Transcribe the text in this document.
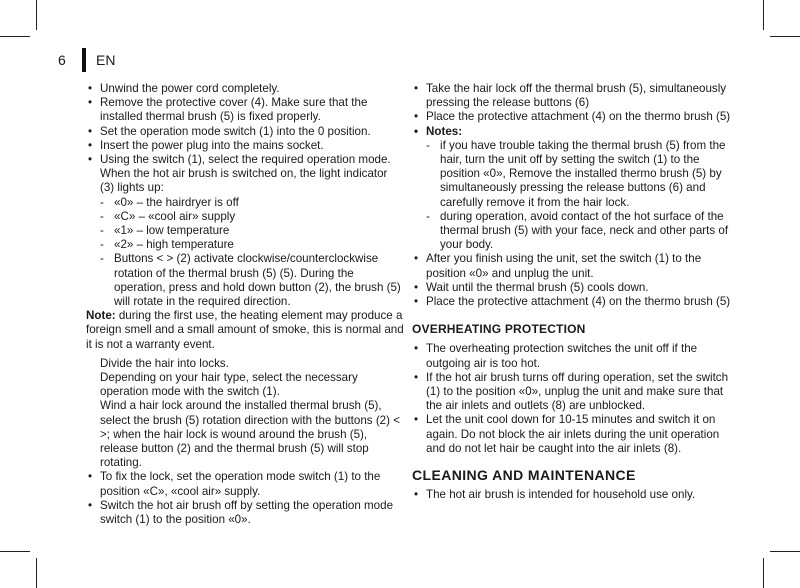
6	EN
• Unwind the power cord completely.
• Remove the protective cover (4). Make sure that the installed thermal brush (5) is fixed properly.
• Set the operation mode switch (1) into the 0 position.
• Insert the power plug into the mains socket.
• Using the switch (1), select the required operation mode. When the hot air brush is switched on, the light indicator (3) lights up:
- «0» – the hairdryer is off
- «C» – «cool air» supply
- «1» – low temperature
- «2» – high temperature
- Buttons < > (2) activate clockwise/counterclockwise rotation of the thermal brush (5) (5). During the operation, press and hold down button (2), the brush (5) will rotate in the required direction.

Note: during the first use, the heating element may produce a foreign smell and a small amount of smoke, this is normal and it is not a warranty event.

Divide the hair into locks.

Depending on your hair type, select the necessary operation mode with the switch (1).

Wind a hair lock around the installed thermal brush (5), select the brush (5) rotation direction with the buttons (2) < >; when the hair lock is wound around the brush (5), release button (2) and the thermal brush (5) will stop rotating.

• To fix the lock, set the operation mode switch (1) to the position «C», «cool air» supply.
• Switch the hot air brush off by setting the operation mode switch (1) to the position «0».
• Take the hair lock off the thermal brush (5), simultaneously pressing the release buttons (6)
• Place the protective attachment (4) on the thermo brush (5)
• Notes:
- if you have trouble taking the thermal brush (5) from the hair, turn the unit off by setting the switch (1) to the position «0», Remove the installed thermo brush (5) by simultaneously pressing the release buttons (6) and carefully remove it from the hair lock.
- during operation, avoid contact of the hot surface of the thermal brush (5) with your face, neck and other parts of your body.
• After you finish using the unit, set the switch (1) to the position «0» and unplug the unit.
• Wait until the thermal brush (5) cools down.
• Place the protective attachment (4) on the thermo brush (5)
OVERHEATING PROTECTION
• The overheating protection switches the unit off if the outgoing air is too hot.
• If the hot air brush turns off during operation, set the switch (1) to the position «0», unplug the unit and make sure that the air inlets and outlets (8) are unblocked.
• Let the unit cool down for 10-15 minutes and switch it on again. Do not block the air inlets during the unit operation and do not let hair be caught into the air inlets (8).
CLEANING AND MAINTENANCE
• The hot air brush is intended for household use only.
